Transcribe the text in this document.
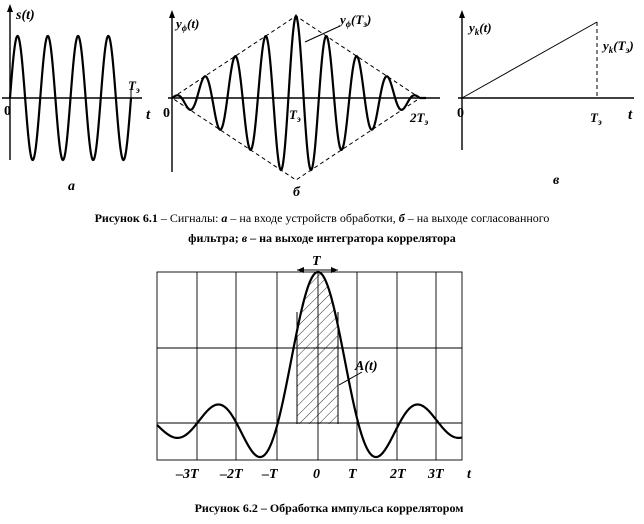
s(t)
0
$T_э$
t
а
$y_\phi(t)$	$y_\phi(T_э)$
0	$T_э$	$2T_э$
б
$y_k(t)$
$y_k(T_э)$
0	$T_э$ t
в
Рисунок 6.1 – Сигналы: а – на входе устройств обработки, б – на выходе согласованного
фильтра; в – на выходе интегратора коррелятора
T
A(t)
–3T –2T –T	0 T 2T 3T t
Рисунок 6.2 – Обработка импульса коррелятором
